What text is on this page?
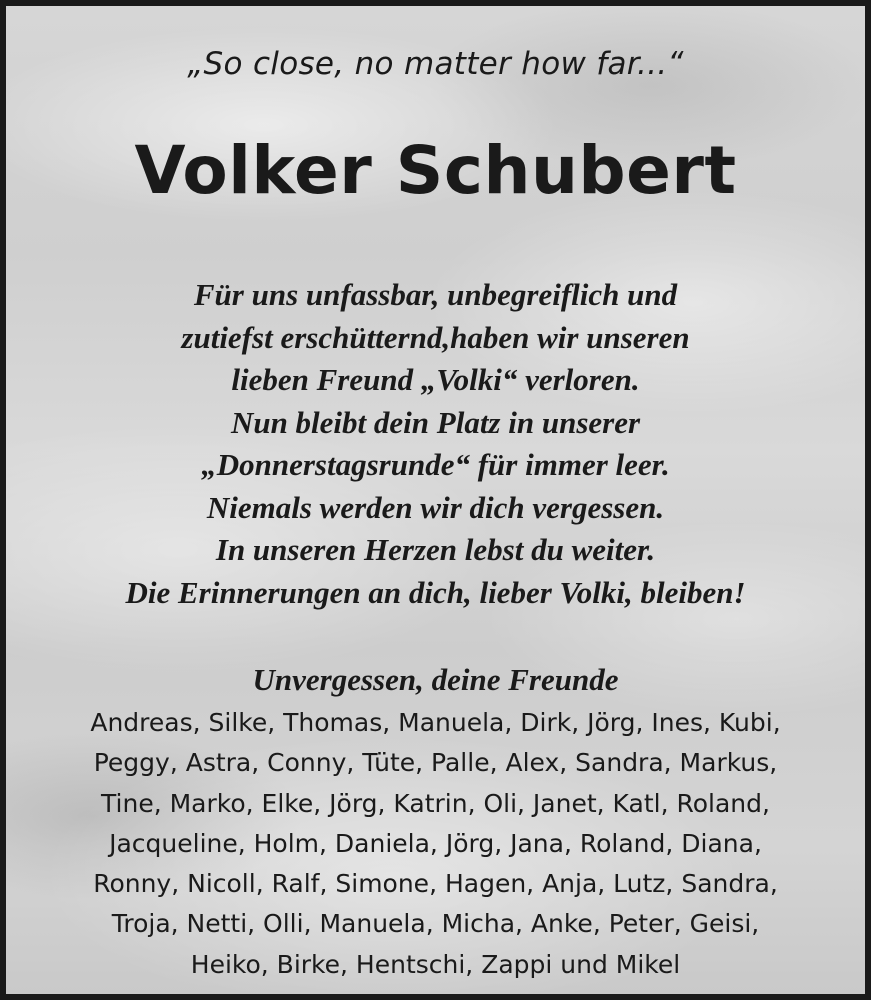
„So close, no matter how far...“
Volker Schubert
Für uns unfassbar, unbegreiflich und
zutiefst erschütternd,haben wir unseren
lieben Freund „Volki“ verloren.
Nun bleibt dein Platz in unserer
„Donnerstagsrunde“ für immer leer.
Niemals werden wir dich vergessen.
In unseren Herzen lebst du weiter.
Die Erinnerungen an dich, lieber Volki, bleiben!
Unvergessen, deine Freunde
Andreas, Silke, Thomas, Manuela, Dirk, Jörg, Ines, Kubi,
Peggy, Astra, Conny, Tüte, Palle, Alex, Sandra, Markus,
Tine, Marko, Elke, Jörg, Katrin, Oli, Janet, Katl, Roland,
Jacqueline, Holm, Daniela, Jörg, Jana, Roland, Diana,
Ronny, Nicoll, Ralf, Simone, Hagen, Anja, Lutz, Sandra,
Troja, Netti, Olli, Manuela, Micha, Anke, Peter, Geisi,
Heiko, Birke, Hentschi, Zappi und Mikel
